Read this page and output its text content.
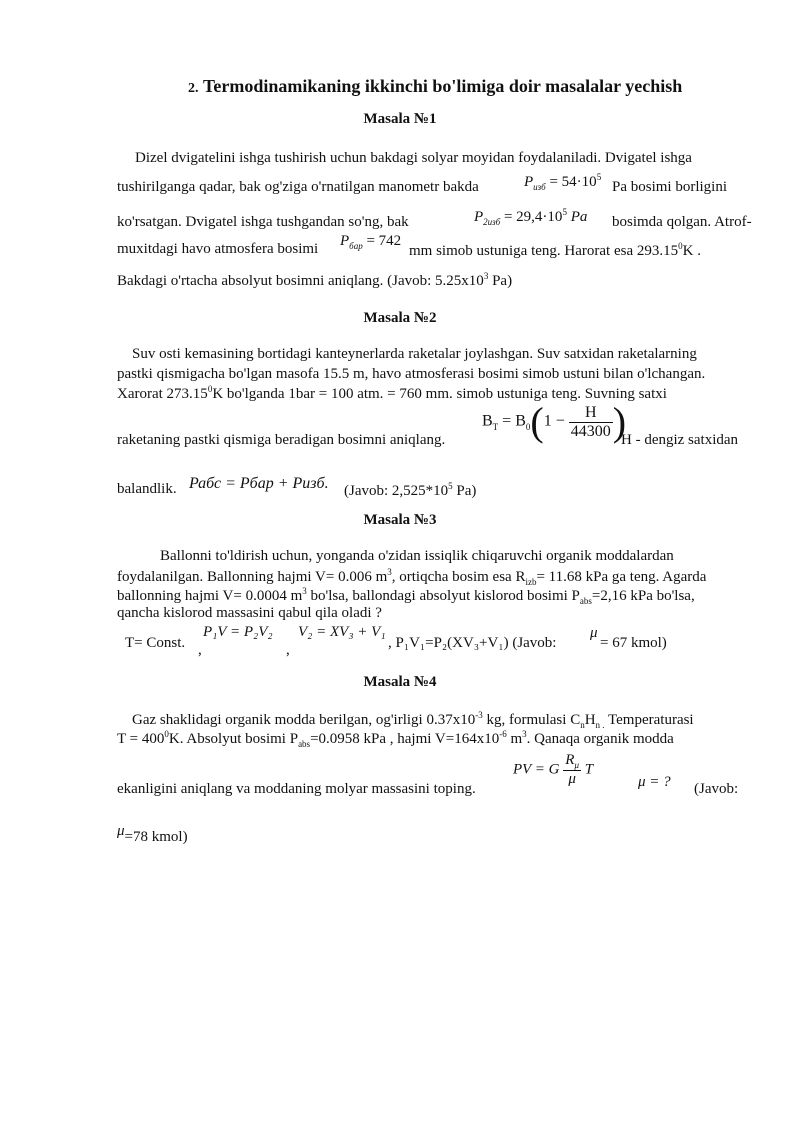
2. Termodinamikaning ikkinchi bo'limiga doir masalalar yechish
Masala №1
Dizel dvigatelini ishga tushirish uchun bakdagi solyar moyidan foydalaniladi. Dvigatel ishga
tushirilganga qadar, bak og'ziga o'rnatilgan manometr bakda	$P_{изб} = 54\cdot 10^5$
Pa bosimi borligini
ko'rsatgan. Dvigatel ishga tushgandan so'ng, bak	$P_{2изб} = 29,4\cdot 10^5$ Pa bosimda qolgan. Atrof-
muxitdagi havo atmosfera bosimi $P_{бар} = 742$
mm simob ustuniga teng. Harorat esa 293.15$^0$K .
Bakdagi o'rtacha absolyut bosimni aniqlang. (Javob: $5.25x10^3$ Pa)
Masala №2
Suv osti kemasining bortidagi kanteynerlarda raketalar joylashgan. Suv satxidan raketalarning
pastki qismigacha bo'lgan masofa 15.5 m, havo atmosferasi bosimi simob ustuni bilan o'lchangan.
Xarorat 273.15$^0$K bo'lganda 1bar = 100 atm. = 760 mm. simob ustuniga teng. Suvning satxi
raketaning pastki qismiga beradigan bosimni aniqlang.
$B_T = B_0(1 - \frac{H}{44300}$ )
H - dengiz satxidan
balandlik. Рабс = Рбар + Ризб. (Javob: $2,525*10^5$ Pa)
Masala №3
Ballonni to'ldirish uchun, yonganda o'zidan issiqlik chiqaruvchi organik moddalardan
foydalanilgan. Ballonning hajmi V= 0.006 $m^3$, ortiqcha bosim esa $R_{izb}= 11.68$ kPa ga teng. Agarda
ballonning hajmi V= 0.0004 $m^3$ bo'lsa, ballondagi absolyut kislorod bosimi $P_{abs}=2,16$ kPa bo'lsa,
qancha kislorod massasini qabul qila oladi ?
T= Const.
P₁V = P₂V₂
,
V₂ = XV₃ + V₁
,	, P₁V₁=P₂(XV₃+V₁) (Javob:
μ
= 67 kmol)
Masala №4
Gaz shaklidagi organik modda berilgan, og'irligi $0.37x10^{-3}$ kg, formulasi $C_nH_{n .}$ Temperaturasi
$T = 400^0K$. Absolyut bosimi $P_{abs}=0.0958$ kPa , hajmi $V=164x10^{-6}$ $m^3$. Qanaqa organik modda
ekanligini aniqlang va moddaning molyar massasini toping.
PV = G $\frac{R_\mu}{\mu}$ T
μ = ? (Javob:
μ=78 kmol)
